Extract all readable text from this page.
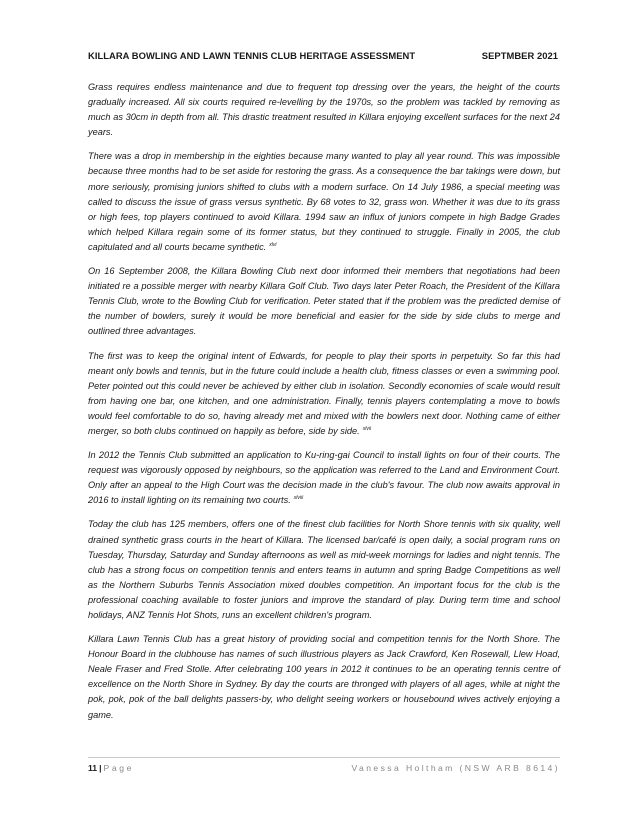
KILLARA BOWLING AND LAWN TENNIS CLUB HERITAGE ASSESSMENT	SEPTMBER 2021

Grass requires endless maintenance and due to frequent top dressing over the years, the height of the courts gradually increased. All six courts required re-levelling by the 1970s, so the problem was tackled by removing as much as 30cm in depth from all. This drastic treatment resulted in Killara enjoying excellent surfaces for the next 24 years.

There was a drop in membership in the eighties because many wanted to play all year round. This was impossible because three months had to be set aside for restoring the grass. As a consequence the bar takings were down, but more seriously, promising juniors shifted to clubs with a modern surface. On 14 July 1986, a special meeting was called to discuss the issue of grass versus synthetic. By 68 votes to 32, grass won. Whether it was due to its grass or high fees, top players continued to avoid Killara. 1994 saw an influx of juniors compete in high Badge Grades which helped Killara regain some of its former status, but they continued to struggle. Finally in 2005, the club capitulated and all courts became synthetic. $^{xlvi}$

On 16 September 2008, the Killara Bowling Club next door informed their members that negotiations had been initiated re a possible merger with nearby Killara Golf Club. Two days later Peter Roach, the President of the Killara Tennis Club, wrote to the Bowling Club for verification. Peter stated that if the problem was the predicted demise of the number of bowlers, surely it would be more beneficial and easier for the side by side clubs to merge and outlined three advantages.

The first was to keep the original intent of Edwards, for people to play their sports in perpetuity. So far this had meant only bowls and tennis, but in the future could include a health club, fitness classes or even a swimming pool. Peter pointed out this could never be achieved by either club in isolation. Secondly economies of scale would result from having one bar, one kitchen, and one administration. Finally, tennis players contemplating a move to bowls would feel comfortable to do so, having already met and mixed with the bowlers next door. Nothing came of either merger, so both clubs continued on happily as before, side by side. $^{xlvii}$

In 2012 the Tennis Club submitted an application to Ku-ring-gai Council to install lights on four of their courts. The request was vigorously opposed by neighbours, so the application was referred to the Land and Environment Court. Only after an appeal to the High Court was the decision made in the club's favour. The club now awaits approval in 2016 to install lighting on its remaining two courts. $^{xlviii}$

Today the club has 125 members, offers one of the finest club facilities for North Shore tennis with six quality, well drained synthetic grass courts in the heart of Killara. The licensed bar/café is open daily, a social program runs on Tuesday, Thursday, Saturday and Sunday afternoons as well as mid-week mornings for ladies and night tennis. The club has a strong focus on competition tennis and enters teams in autumn and spring Badge Competitions as well as the Northern Suburbs Tennis Association mixed doubles competition. An important focus for the club is the professional coaching available to foster juniors and improve the standard of play. During term time and school holidays, ANZ Tennis Hot Shots, runs an excellent children's program.

Killara Lawn Tennis Club has a great history of providing social and competition tennis for the North Shore. The Honour Board in the clubhouse has names of such illustrious players as Jack Crawford, Ken Rosewall, Llew Hoad, Neale Fraser and Fred Stolle. After celebrating 100 years in 2012 it continues to be an operating tennis centre of excellence on the North Shore in Sydney. By day the courts are thronged with players of all ages, while at night the pok, pok, pok of the ball delights passers-by, who delight seeing workers or housebound wives actively enjoying a game.

11 | Page	Vanessa Holtham (NSW ARB 8614)
